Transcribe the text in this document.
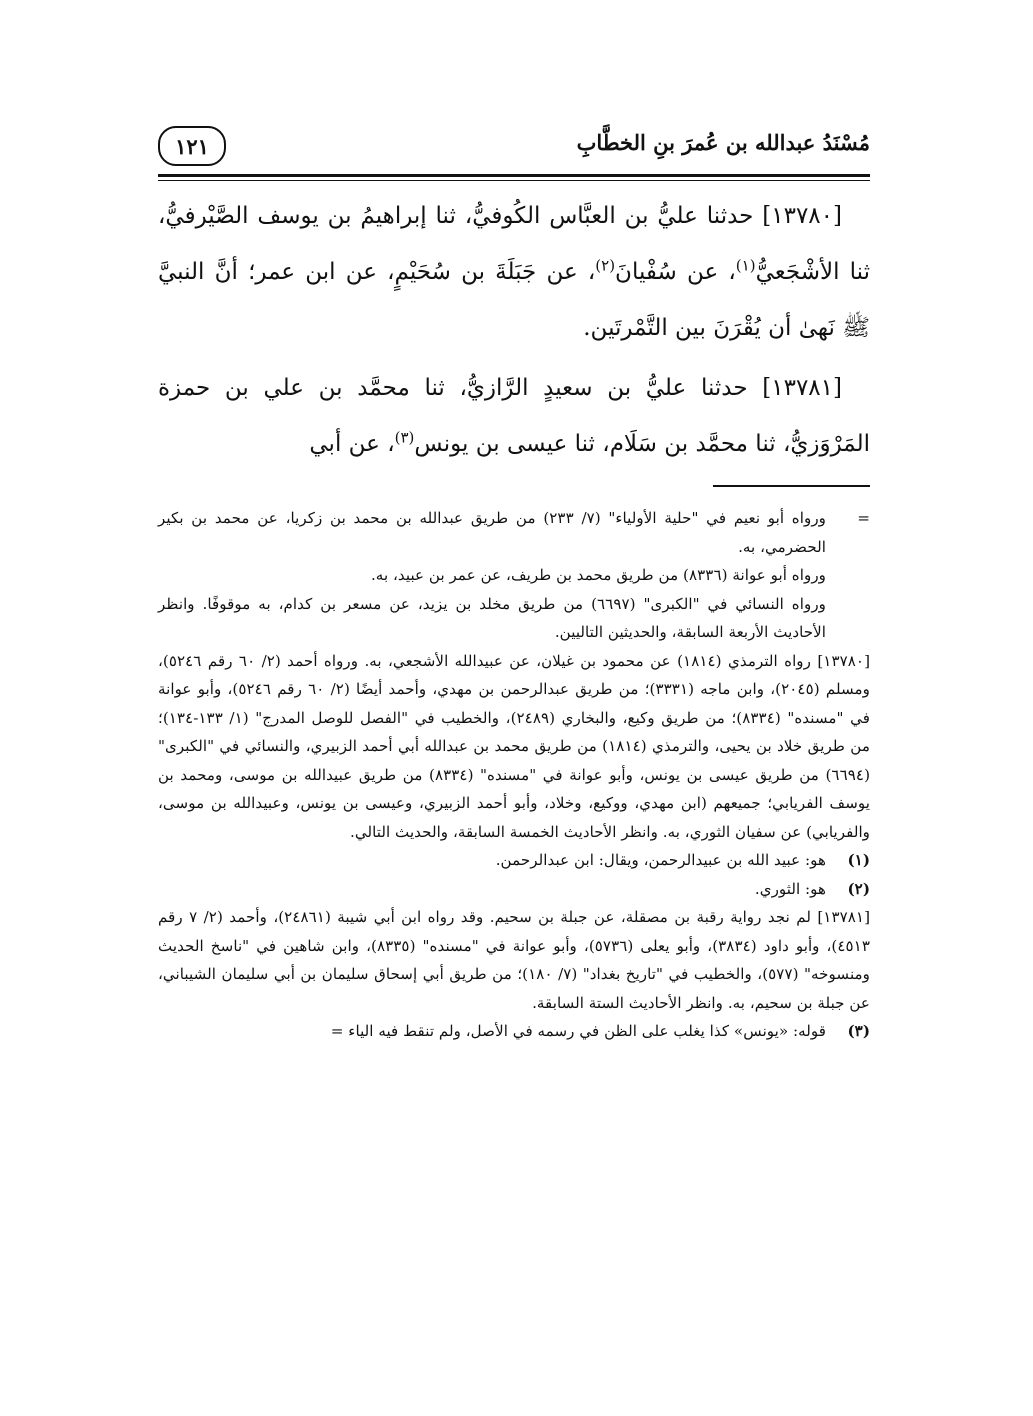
١٢١	مُسْنَدُ عبدالله بن عُمرَ بنِ الخطَّابِ

[١٣٧٨٠] حدثنا عليُّ بن العبَّاس الكُوفيُّ، ثنا إبراهيمُ بن يوسف الصَّيْرفيُّ، ثنا الأشْجَعيُّ$^{(١)}$، عن سُفْيانَ$^{(٢)}$، عن جَبَلَةَ بن سُحَيْمٍ، عن ابن عمر؛ أنَّ النبيَّ ﷺ نَهىٰ أن يُقْرَنَ بين التَّمْرتَين.

[١٣٧٨١] حدثنا عليُّ بن سعيدٍ الرَّازيُّ، ثنا محمَّد بن علي بن حمزة المَرْوَزيُّ، ثنا محمَّد بن سَلَام، ثنا عيسى بن يونس$^{(٣)}$، عن أبي

=ورواه أبو نعيم في "حلية الأولياء" (٧/ ٢٣٣) من طريق عبدالله بن محمد بن زكريا، عن محمد بن بكير الحضرمي، به.

ورواه أبو عوانة (٨٣٣٦) من طريق محمد بن طريف، عن عمر بن عبيد، به.

ورواه النسائي في "الكبرى" (٦٦٩٧) من طريق مخلد بن يزيد، عن مسعر بن كدام، به موقوفًا. وانظر الأحاديث الأربعة السابقة، والحديثين التاليين.

[١٣٧٨٠] رواه الترمذي (١٨١٤) عن محمود بن غيلان، عن عبيدالله الأشجعي، به. ورواه أحمد (٢/ ٦٠ رقم ٥٢٤٦)، ومسلم (٢٠٤٥)، وابن ماجه (٣٣٣١)؛ من طريق عبدالرحمن بن مهدي، وأحمد أيضًا (٢/ ٦٠ رقم ٥٢٤٦)، وأبو عوانة في "مسنده" (٨٣٣٤)؛ من طريق وكيع، والبخاري (٢٤٨٩)، والخطيب في "الفصل للوصل المدرج" (١/ ١٣٣-١٣٤)؛ من طريق خلاد بن يحيى، والترمذي (١٨١٤) من طريق محمد بن عبدالله أبي أحمد الزبيري، والنسائي في "الكبرى" (٦٦٩٤) من طريق عيسى بن يونس، وأبو عوانة في "مسنده" (٨٣٣٤) من طريق عبيدالله بن موسى، ومحمد بن يوسف الفريابي؛ جميعهم (ابن مهدي، ووكيع، وخلاد، وأبو أحمد الزبيري، وعيسى بن يونس، وعبيدالله بن موسى، والفريابي) عن سفيان الثوري، به. وانظر الأحاديث الخمسة السابقة، والحديث التالي.

(١)هو: عبيد الله بن عبيدالرحمن، ويقال: ابن عبدالرحمن.

(٢)هو: الثوري.

[١٣٧٨١] لم نجد رواية رقبة بن مصقلة، عن جبلة بن سحيم. وقد رواه ابن أبي شيبة (٢٤٨٦١)، وأحمد (٢/ ٧ رقم ٤٥١٣)، وأبو داود (٣٨٣٤)، وأبو يعلى (٥٧٣٦)، وأبو عوانة في "مسنده" (٨٣٣٥)، وابن شاهين في "ناسخ الحديث ومنسوخه" (٥٧٧)، والخطيب في "تاريخ بغداد" (٧/ ١٨٠)؛ من طريق أبي إسحاق سليمان بن أبي سليمان الشيباني، عن جبلة بن سحيم، به. وانظر الأحاديث الستة السابقة.

(٣)قوله: «يونس» كذا يغلب على الظن في رسمه في الأصل، ولم تنقط فيه الياء =
